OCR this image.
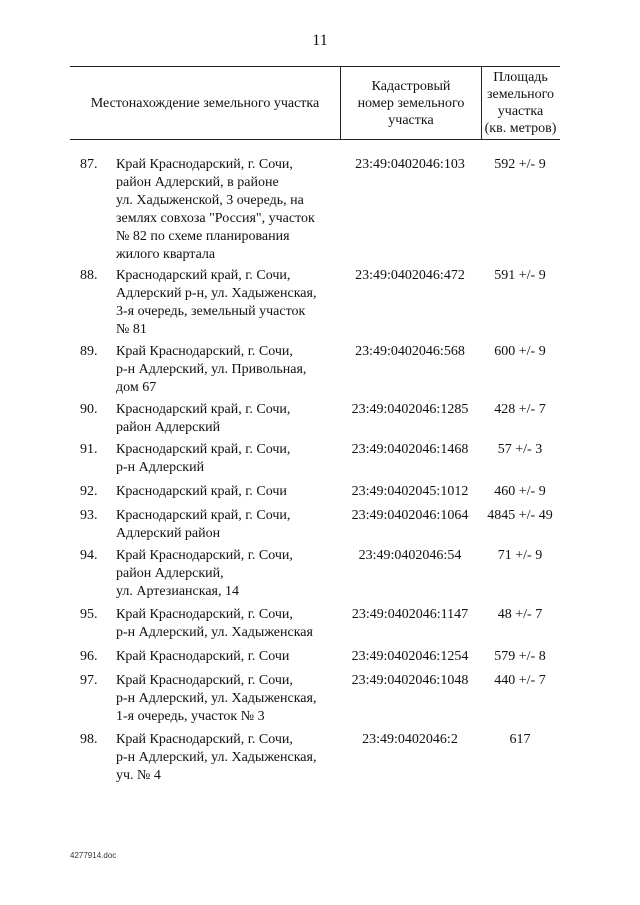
11
Местонахождение земельного участка
Кадастровый
номер земельного
участка
Площадь
земельного
участка
(кв. метров)
87.	Край Краснодарский, г. Сочи,
район Адлерский, в районе
ул. Хадыженской, 3 очередь, на
землях совхоза "Россия", участок
№ 82 по схеме планирования
жилого квартала
23:49:0402046:103	592 +/- 9
88.	Краснодарский край, г. Сочи,
Адлерский р-н, ул. Хадыженская,
3-я очередь, земельный участок
№ 81
23:49:0402046:472	591 +/- 9
89.	Край Краснодарский, г. Сочи,
р-н Адлерский, ул. Привольная,
дом 67
23:49:0402046:568	600 +/- 9
90.	Краснодарский край, г. Сочи,
район Адлерский
23:49:0402046:1285	428 +/- 7
91.	Краснодарский край, г. Сочи,
р-н Адлерский
23:49:0402046:1468	57 +/- 3
92.	Краснодарский край, г. Сочи	23:49:0402045:1012	460 +/- 9
93.	Краснодарский край, г. Сочи,
Адлерский район
23:49:0402046:1064	4845 +/- 49
94.	Край Краснодарский, г. Сочи,
район Адлерский,
ул. Артезианская, 14
23:49:0402046:54	71 +/- 9
95.	Край Краснодарский, г. Сочи,
р-н Адлерский, ул. Хадыженская
23:49:0402046:1147	48 +/- 7
96.	Край Краснодарский, г. Сочи	23:49:0402046:1254	579 +/- 8
97.	Край Краснодарский, г. Сочи,
р-н Адлерский, ул. Хадыженская,
1-я очередь, участок № 3
23:49:0402046:1048	440 +/- 7
98.	Край Краснодарский, г. Сочи,
р-н Адлерский, ул. Хадыженская,
уч. № 4
23:49:0402046:2	617
4277914.doc
